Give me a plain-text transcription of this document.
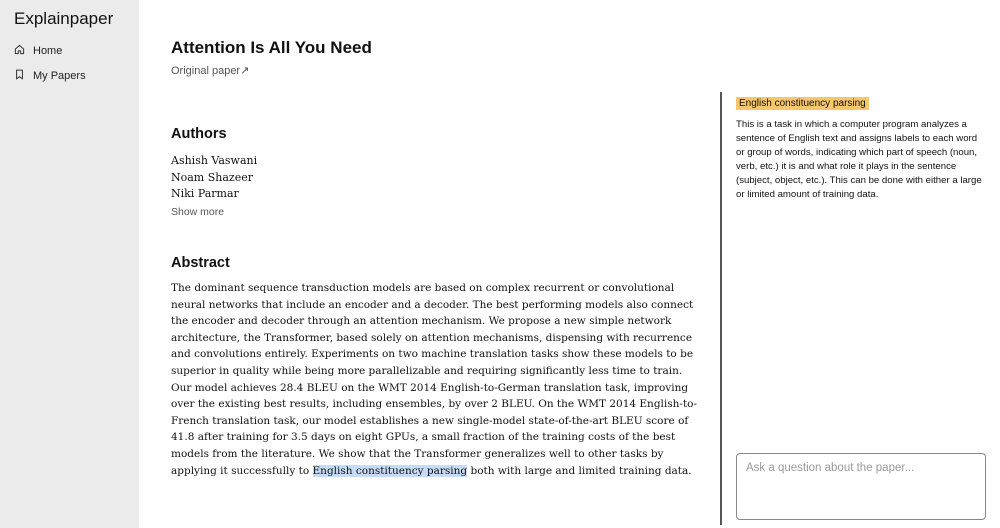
Explainpaper
Home
My Papers
Attention Is All You Need
Original paper↗
Authors
Ashish Vaswani
Noam Shazeer
Niki Parmar
Show more
Abstract

The dominant sequence transduction models are based on complex recurrent or convolutional neural networks that include an encoder and a decoder. The best performing models also connect the encoder and decoder through an attention mechanism. We propose a new simple network architecture, the Transformer, based solely on attention mechanisms, dispensing with recurrence and convolutions entirely. Experiments on two machine translation tasks show these models to be superior in quality while being more parallelizable and requiring significantly less time to train. Our model achieves 28.4 BLEU on the WMT 2014 English-to-German translation task, improving over the existing best results, including ensembles, by over 2 BLEU. On the WMT 2014 English-to-French translation task, our model establishes a new single-model state-of-the-art BLEU score of 41.8 after training for 3.5 days on eight GPUs, a small fraction of the training costs of the best models from the literature. We show that the Transformer generalizes well to other tasks by applying it successfully to English constituency parsing both with large and limited training data.

English constituency parsing

This is a task in which a computer program analyzes a sentence of English text and assigns labels to each word or group of words, indicating which part of speech (noun, verb, etc.) it is and what role it plays in the sentence (subject, object, etc.). This can be done with either a large or limited amount of training data.

Ask a question about the paper...
